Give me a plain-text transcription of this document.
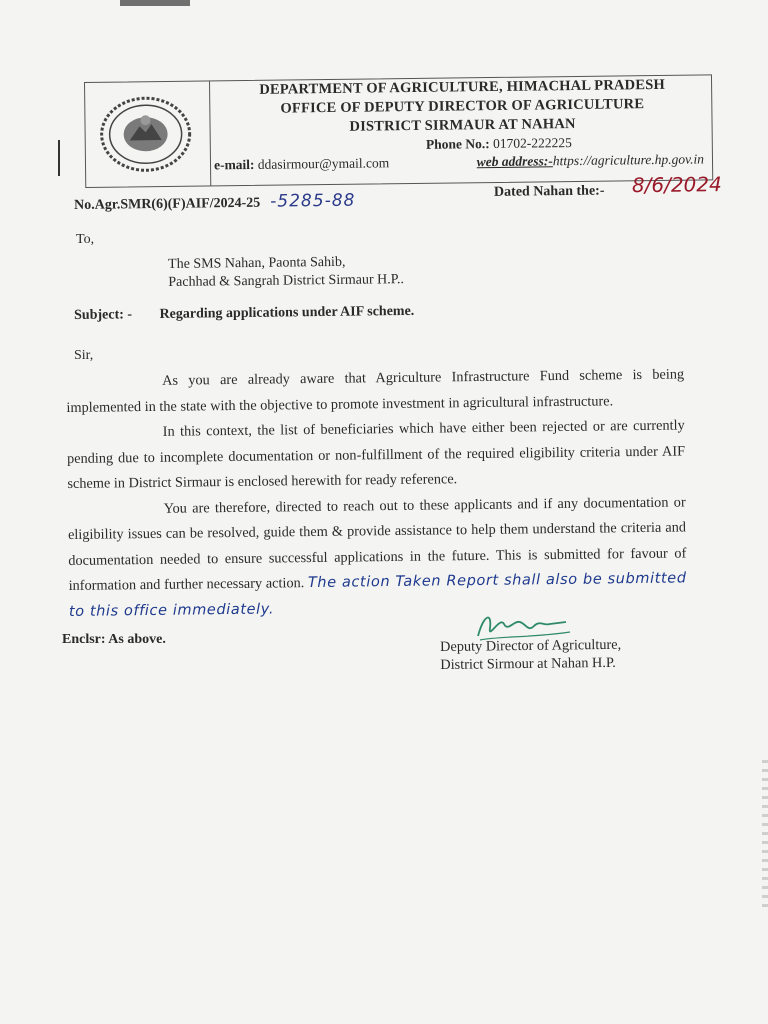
DEPARTMENT OF AGRICULTURE, HIMACHAL PRADESH
OFFICE OF DEPUTY DIRECTOR OF AGRICULTURE
DISTRICT SIRMAUR AT NAHAN
Phone No.: 01702-222225
e-mail: ddasirmour@ymail.com	web address:-https://agriculture.hp.gov.in
No.Agr.SMR(6)(F)AIF/2024-25 -5285-88	Dated Nahan the:- 8/6/2024
To,
The SMS Nahan, Paonta Sahib,
Pachhad & Sangrah District Sirmaur H.P..
Subject: - Regarding applications under AIF scheme.
Sir,

As you are already aware that Agriculture Infrastructure Fund scheme is being implemented in the state with the objective to promote investment in agricultural infrastructure.

In this context, the list of beneficiaries which have either been rejected or are currently pending due to incomplete documentation or non-fulfillment of the required eligibility criteria under AIF scheme in District Sirmaur is enclosed herewith for ready reference.

You are therefore, directed to reach out to these applicants and if any documentation or eligibility issues can be resolved, guide them & provide assistance to help them understand the criteria and documentation needed to ensure successful applications in the future. This is submitted for favour of information and further necessary action. The action Taken Report shall also be submitted to this office immediately.

Enclsr: As above.	Deputy Director of Agriculture,
District Sirmour at Nahan H.P.
